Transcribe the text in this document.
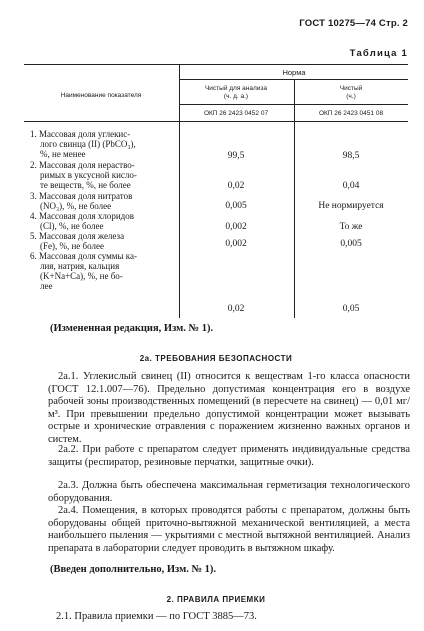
ГОСТ 10275—74 Стр. 2
Таблица 1
Норма
Наименование показателя
Чистый для анализа
(ч. д. а.)
Чистый
(ч.)
ОКП 26 2423 0452 07	ОКП 26 2423 0451 08
1. Массовая доля углекис-
лого свинца (II) (PbCO₃),
%, не менее	99,5	98,5
2. Массовая доля нераство-
римых в уксусной кисло-
те веществ, %, не более	0,02	0,04
3. Массовая доля нитратов
(NO₃), %, не более	0,005	Не нормируется
4. Массовая доля хлоридов
(Cl), %, не более	0,002	То же
5. Массовая доля железа
(Fe), %, не более	0,002	0,005
6. Массовая доля суммы ка-
лия, натрия, кальция
(K+Na+Ca), %, не бо-
лее
0,02	0,05
(Измененная редакция, Изм. № 1).
2а. ТРЕБОВАНИЯ БЕЗОПАСНОСТИ
2а.1. Углекислый свинец (II) относится к веществам 1-го класса опасности (ГОСТ 12.1.007—76). Предельно допустимая концентрация его в воздухе рабочей зоны производственных помещений (в пересчете на свинец) — 0,01 мг/м³. При превышении предельно допустимой концентрации может вызывать острые и хронические отравления с поражением жизненно важных органов и систем.
2а.2. При работе с препаратом следует применять индивидуальные средства защиты (респиратор, резиновые перчатки, защитные очки).
2а.3. Должна быть обеспечена максимальная герметизация технологического оборудования.
2а.4. Помещения, в которых проводятся работы с препаратом, должны быть оборудованы общей приточно-вытяжной механической вентиляцией, а места наибольшего пыления — укрытиями с местной вытяжной вентиляцией. Анализ препарата в лаборатории следует проводить в вытяжном шкафу.
(Введен дополнительно, Изм. № 1).
2. ПРАВИЛА ПРИЕМКИ
2.1. Правила приемки — по ГОСТ 3885—73.
